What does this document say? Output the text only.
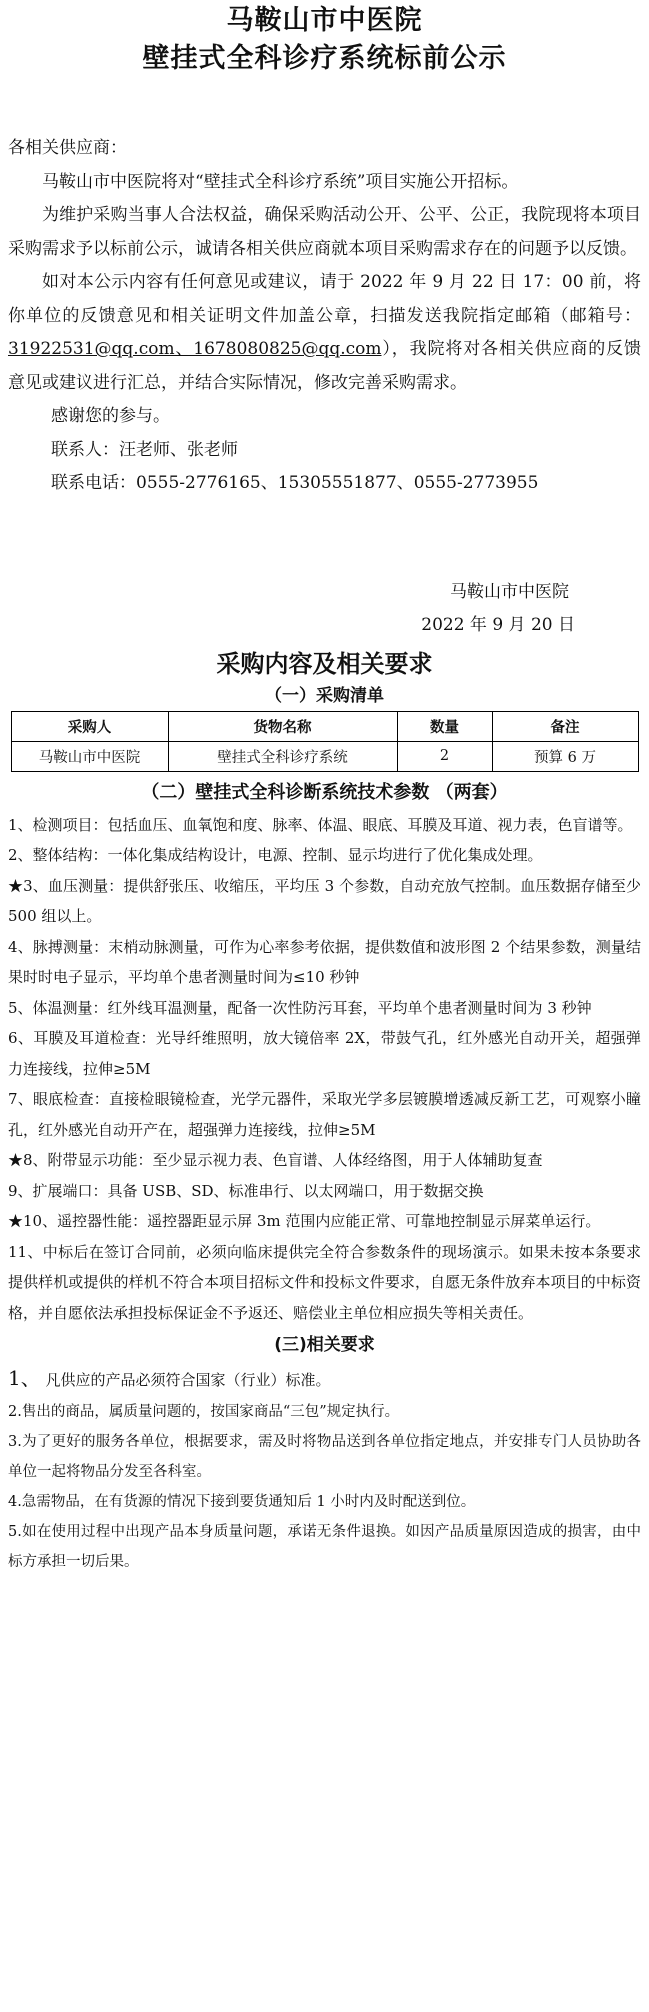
马鞍山市中医院
壁挂式全科诊疗系统标前公示

各相关供应商：

马鞍山市中医院将对“壁挂式全科诊疗系统”项目实施公开招标。

为维护采购当事人合法权益，确保采购活动公开、公平、公正，我院现将本项目采购需求予以标前公示，诚请各相关供应商就本项目采购需求存在的问题予以反馈。

如对本公示内容有任何意见或建议，请于 2022 年 9 月 22 日 17：00 前，将你单位的反馈意见和相关证明文件加盖公章，扫描发送我院指定邮箱（邮箱号：31922531@qq.com、1678080825@qq.com），我院将对各相关供应商的反馈意见或建议进行汇总，并结合实际情况，修改完善采购需求。

感谢您的参与。

联系人：汪老师、张老师

联系电话：0555-2776165、15305551877、0555-2773955

马鞍山市中医院

2022 年 9 月 20 日

采购内容及相关要求
（一）采购清单
采购人	货物名称	数量	备注
马鞍山市中医院	壁挂式全科诊疗系统	2	预算 6 万
（二）壁挂式全科诊断系统技术参数 （两套）

1、检测项目：包括血压、血氧饱和度、脉率、体温、眼底、耳膜及耳道、视力表，色盲谱等。

2、整体结构：一体化集成结构设计，电源、控制、显示均进行了优化集成处理。

★3、血压测量：提供舒张压、收缩压，平均压 3 个参数，自动充放气控制。血压数据存储至少 500 组以上。

4、脉搏测量：末梢动脉测量，可作为心率参考依据，提供数值和波形图 2 个结果参数，测量结果时时电子显示，平均单个患者测量时间为≤10 秒钟

5、体温测量：红外线耳温测量，配备一次性防污耳套，平均单个患者测量时间为 3 秒钟

6、耳膜及耳道检查：光导纤维照明，放大镜倍率 2X，带鼓气孔，红外感光自动开关，超强弹力连接线，拉伸≥5M

7、眼底检查：直接检眼镜检查，光学元器件，采取光学多层镀膜增透减反新工艺，可观察小瞳孔，红外感光自动开产在，超强弹力连接线，拉伸≥5M

★8、附带显示功能：至少显示视力表、色盲谱、人体经络图，用于人体辅助复查

9、扩展端口：具备 USB、SD、标准串行、以太网端口，用于数据交换

★10、遥控器性能：遥控器距显示屏 3m 范围内应能正常、可靠地控制显示屏菜单运行。

11、中标后在签订合同前，必须向临床提供完全符合参数条件的现场演示。如果未按本条要求提供样机或提供的样机不符合本项目招标文件和投标文件要求，自愿无条件放弃本项目的中标资格，并自愿依法承担投标保证金不予返还、赔偿业主单位相应损失等相关责任。

(三)相关要求

1、 凡供应的产品必须符合国家（行业）标准。

2.售出的商品，属质量问题的，按国家商品“三包”规定执行。

3.为了更好的服务各单位，根据要求，需及时将物品送到各单位指定地点，并安排专门人员协助各单位一起将物品分发至各科室。

4.急需物品，在有货源的情况下接到要货通知后 1 小时内及时配送到位。

5.如在使用过程中出现产品本身质量问题，承诺无条件退换。如因产品质量原因造成的损害，由中标方承担一切后果。
